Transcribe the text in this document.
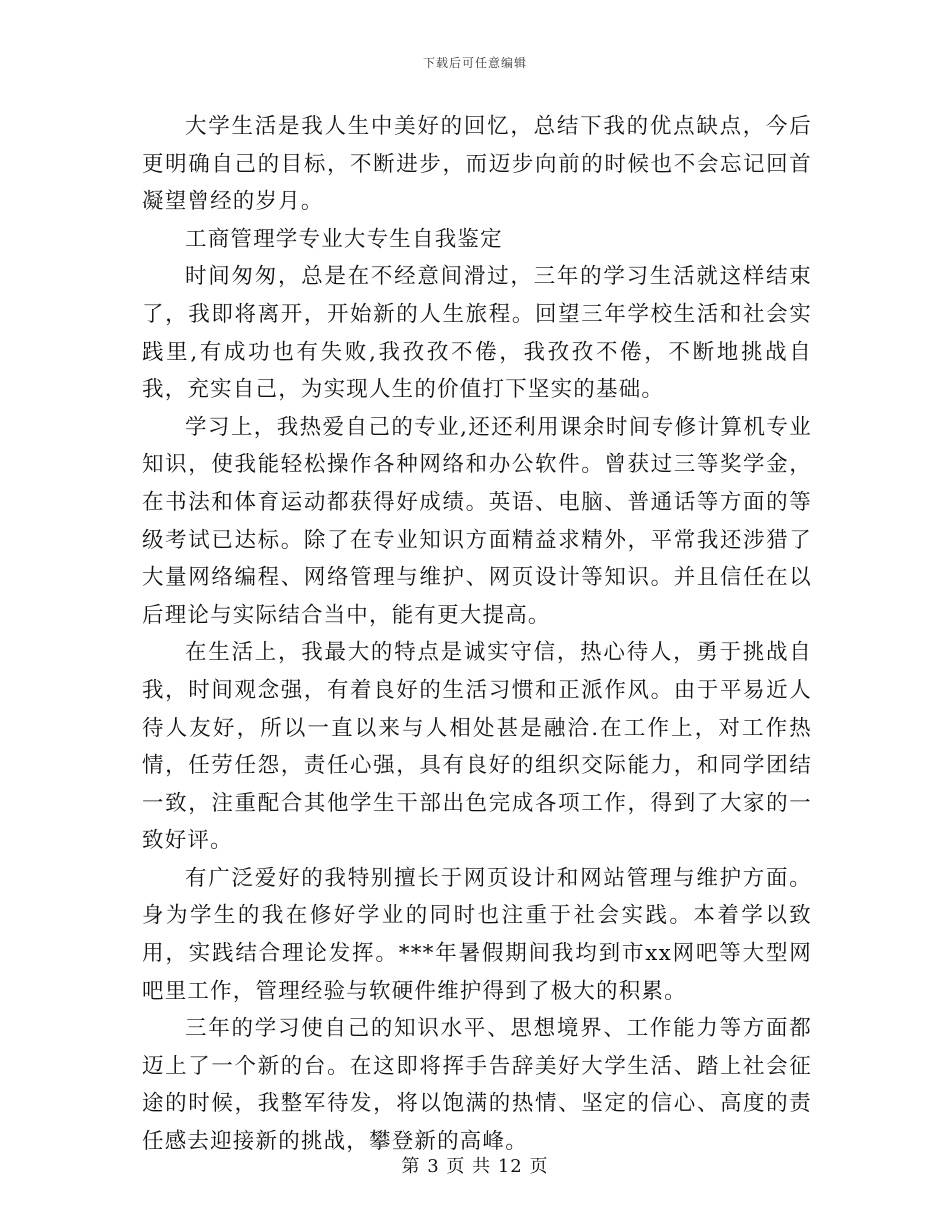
下载后可任意编辑

大学生活是我人生中美好的回忆，总结下我的优点缺点，今后更明确自己的目标，不断进步，而迈步向前的时候也不会忘记回首凝望曾经的岁月。

工商管理学专业大专生自我鉴定

时间匆匆，总是在不经意间滑过，三年的学习生活就这样结束了，我即将离开，开始新的人生旅程。回望三年学校生活和社会实践里,有成功也有失败,我孜孜不倦，我孜孜不倦，不断地挑战自我，充实自己，为实现人生的价值打下坚实的基础。

学习上，我热爱自己的专业,还还利用课余时间专修计算机专业知识，使我能轻松操作各种网络和办公软件。曾获过三等奖学金，在书法和体育运动都获得好成绩。英语、电脑、普通话等方面的等级考试已达标。除了在专业知识方面精益求精外，平常我还涉猎了大量网络编程、网络管理与维护、网页设计等知识。并且信任在以后理论与实际结合当中，能有更大提高。

在生活上，我最大的特点是诚实守信，热心待人，勇于挑战自我，时间观念强，有着良好的生活习惯和正派作风。由于平易近人待人友好，所以一直以来与人相处甚是融洽.在工作上，对工作热情，任劳任怨，责任心强，具有良好的组织交际能力，和同学团结一致，注重配合其他学生干部出色完成各项工作，得到了大家的一致好评。

有广泛爱好的我特别擅长于网页设计和网站管理与维护方面。身为学生的我在修好学业的同时也注重于社会实践。本着学以致用，实践结合理论发挥。***年暑假期间我均到市xx网吧等大型网吧里工作，管理经验与软硬件维护得到了极大的积累。

三年的学习使自己的知识水平、思想境界、工作能力等方面都迈上了一个新的台。在这即将挥手告辞美好大学生活、踏上社会征途的时候，我整军待发，将以饱满的热情、坚定的信心、高度的责任感去迎接新的挑战，攀登新的高峰。

第 3 页 共 12 页
